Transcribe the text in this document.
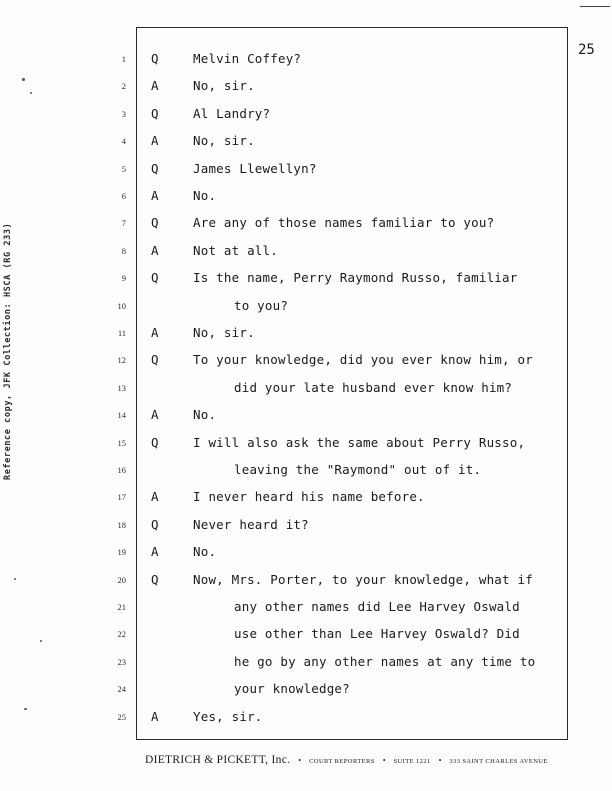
25
Reference copy, JFK Collection: HSCA (RG 233)
1 Q	Melvin Coffey?
2 A	No, sir.
3 Q	Al Landry?
4 A	No, sir.
5 Q	James Llewellyn?
6 A	No.
7 Q	Are any of those names familiar to you?
8 A	Not at all.
9 Q	Is the name, Perry Raymond Russo, familiar
10	to you?
11 A	No, sir.
12 Q	To your knowledge, did you ever know him, or
13	did your late husband ever know him?
14 A	No.
15 Q	I will also ask the same about Perry Russo,
16	leaving the "Raymond" out of it.
17 A	I never heard his name before.
18 Q	Never heard it?
19 A	No.
20 Q	Now, Mrs. Porter, to your knowledge, what if
21	any other names did Lee Harvey Oswald
22	use other than Lee Harvey Oswald? Did
23	he go by any other names at any time to
24	your knowledge?
25 A	Yes, sir.
DIETRICH & PICKETT, Inc. • COURT REPORTERS • SUITE 1221 • 333 SAINT CHARLES AVENUE
